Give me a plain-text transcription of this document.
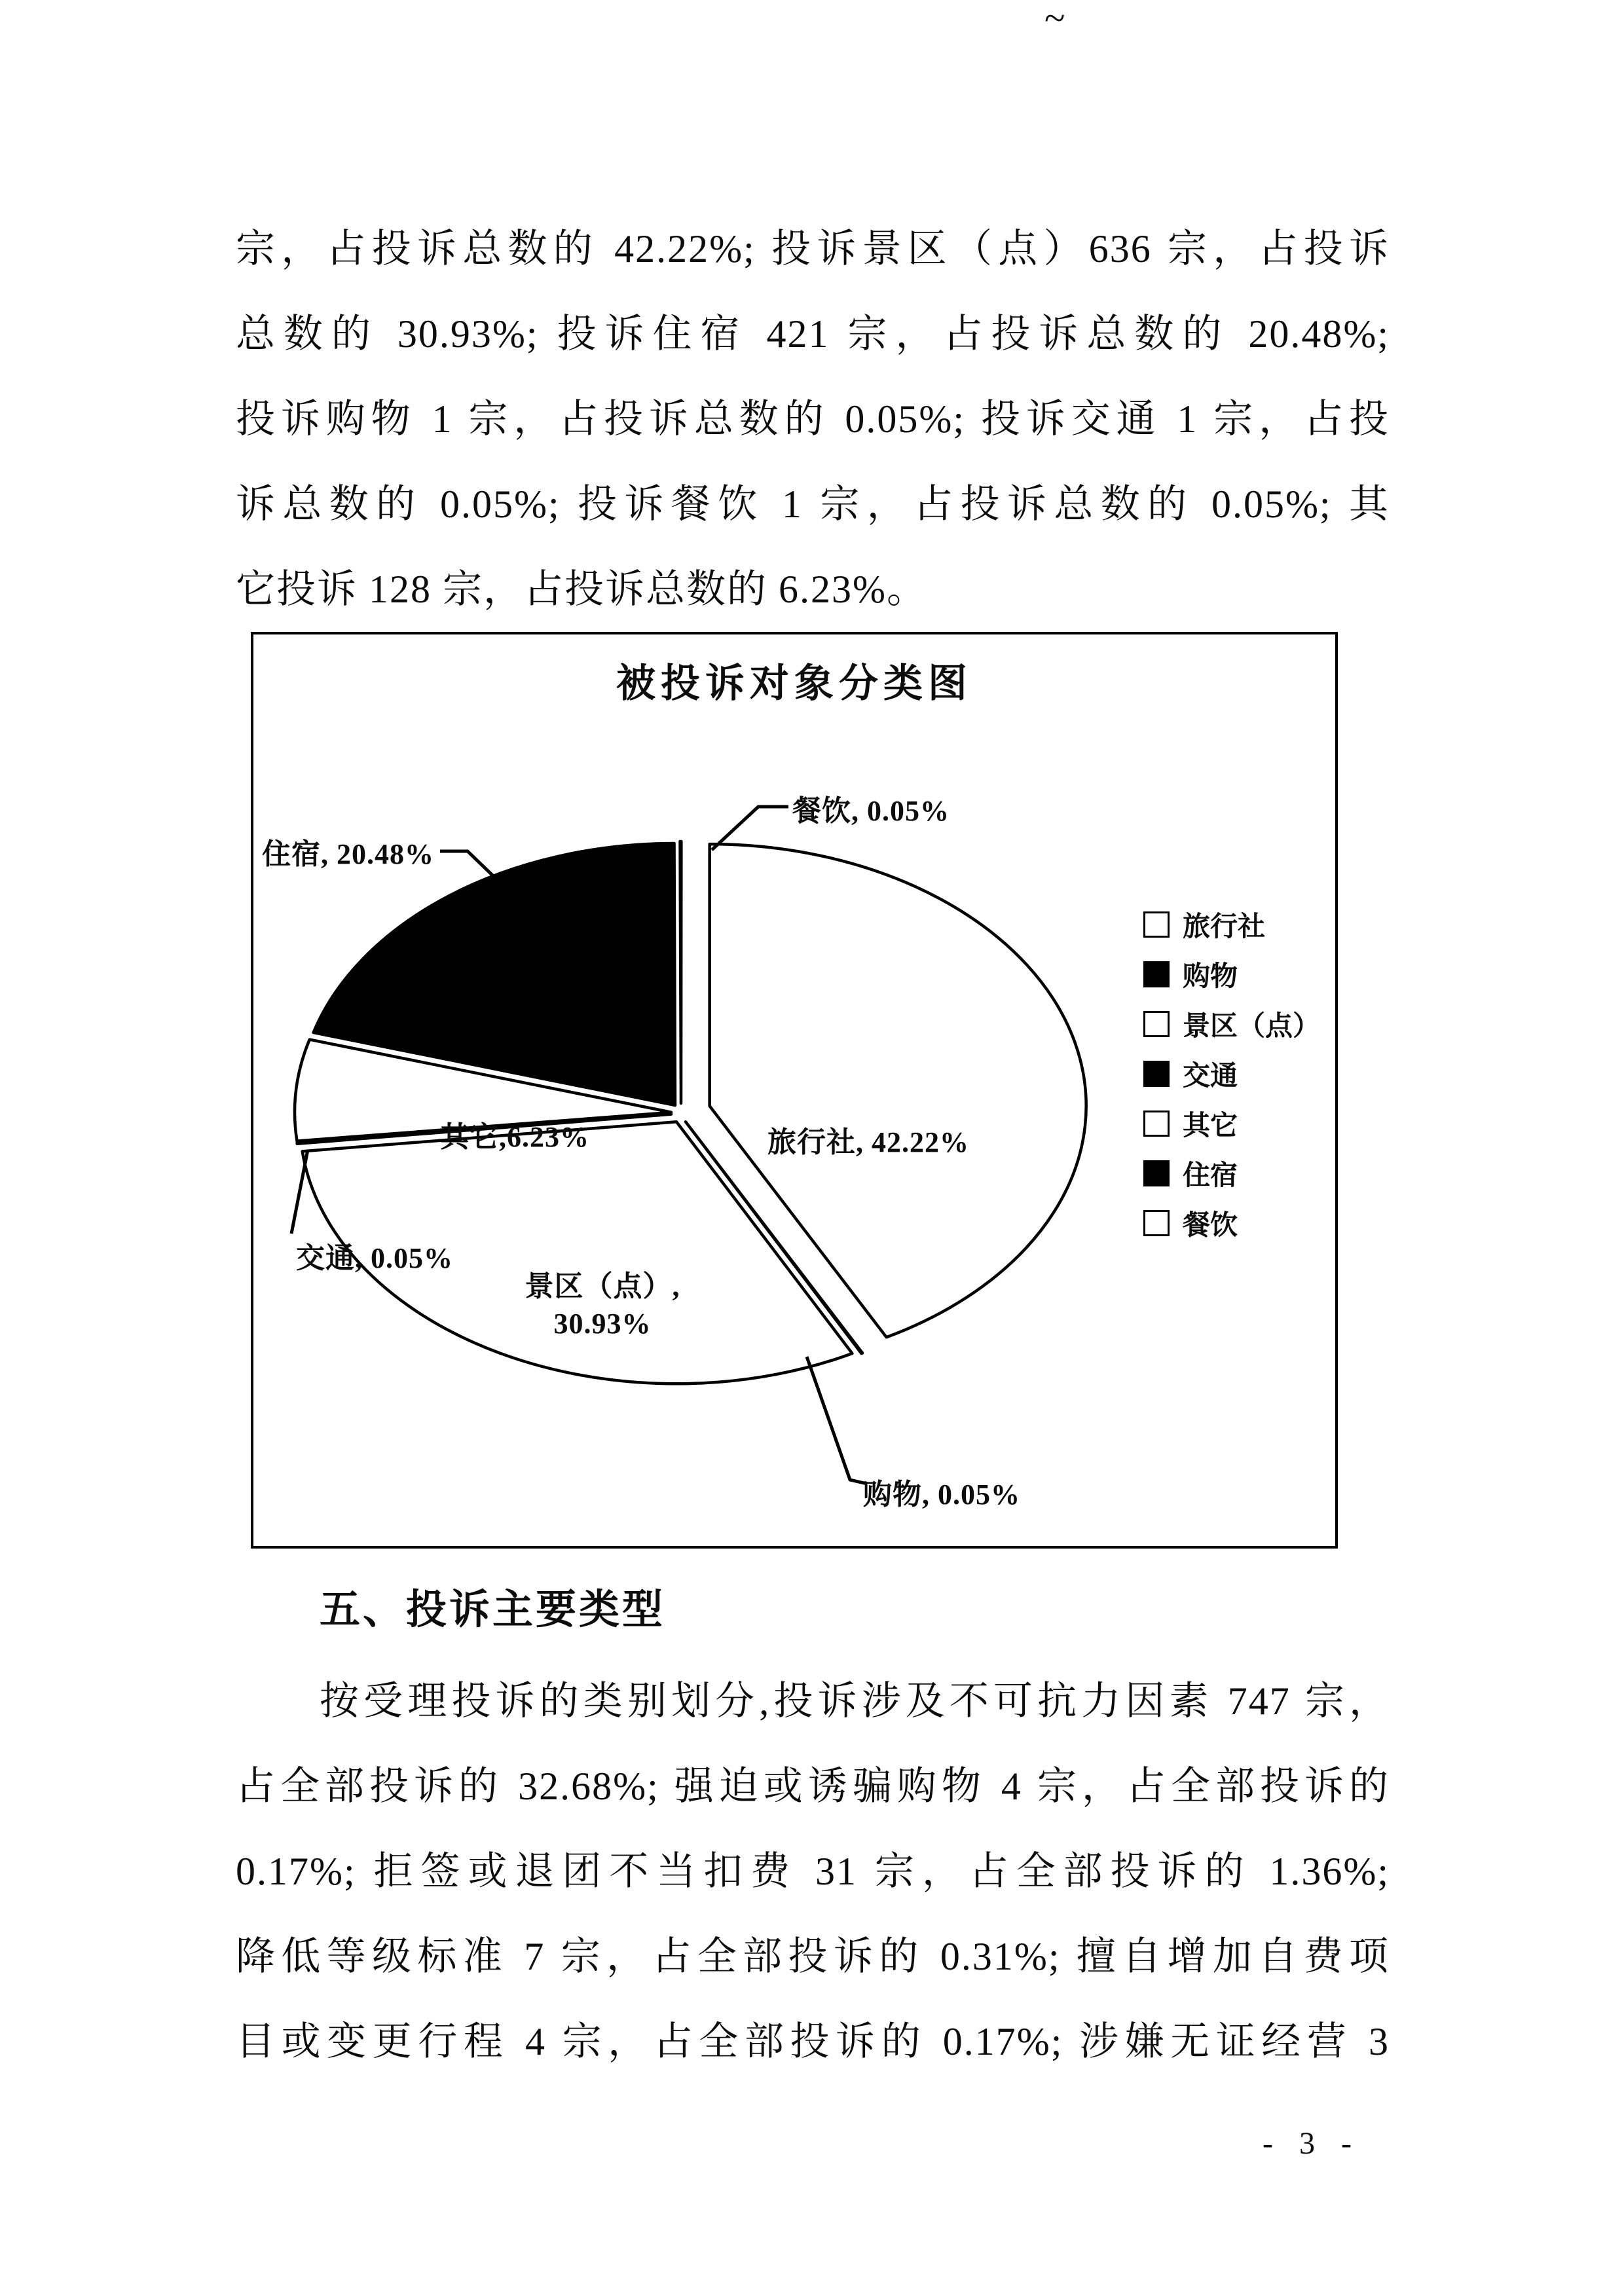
~
宗，占投诉总数的 42.22%; 投诉景区（点）636 宗，占投诉
总数的 30.93%; 投诉住宿 421 宗，占投诉总数的 20.48%;
投诉购物 1 宗，占投诉总数的 0.05%; 投诉交通 1 宗，占投
诉总数的 0.05%; 投诉餐饮 1 宗，占投诉总数的 0.05%; 其
它投诉 128 宗，占投诉总数的 6.23%。
被投诉对象分类图
餐饮, 0.05%
住宿, 20.48%
旅行社, 42.22%
其它,6.23%
交通, 0.05%
景区（点）,
30.93%
购物, 0.05%
旅行社
购物
景区（点）
交通
其它
住宿
餐饮
五、投诉主要类型
按受理投诉的类别划分,投诉涉及不可抗力因素 747 宗，
占全部投诉的 32.68%; 强迫或诱骗购物 4 宗，占全部投诉的
0.17%; 拒签或退团不当扣费 31 宗，占全部投诉的 1.36%;
降低等级标准 7 宗，占全部投诉的 0.31%; 擅自增加自费项
目或变更行程 4 宗，占全部投诉的 0.17%; 涉嫌无证经营 3
- 3 -
